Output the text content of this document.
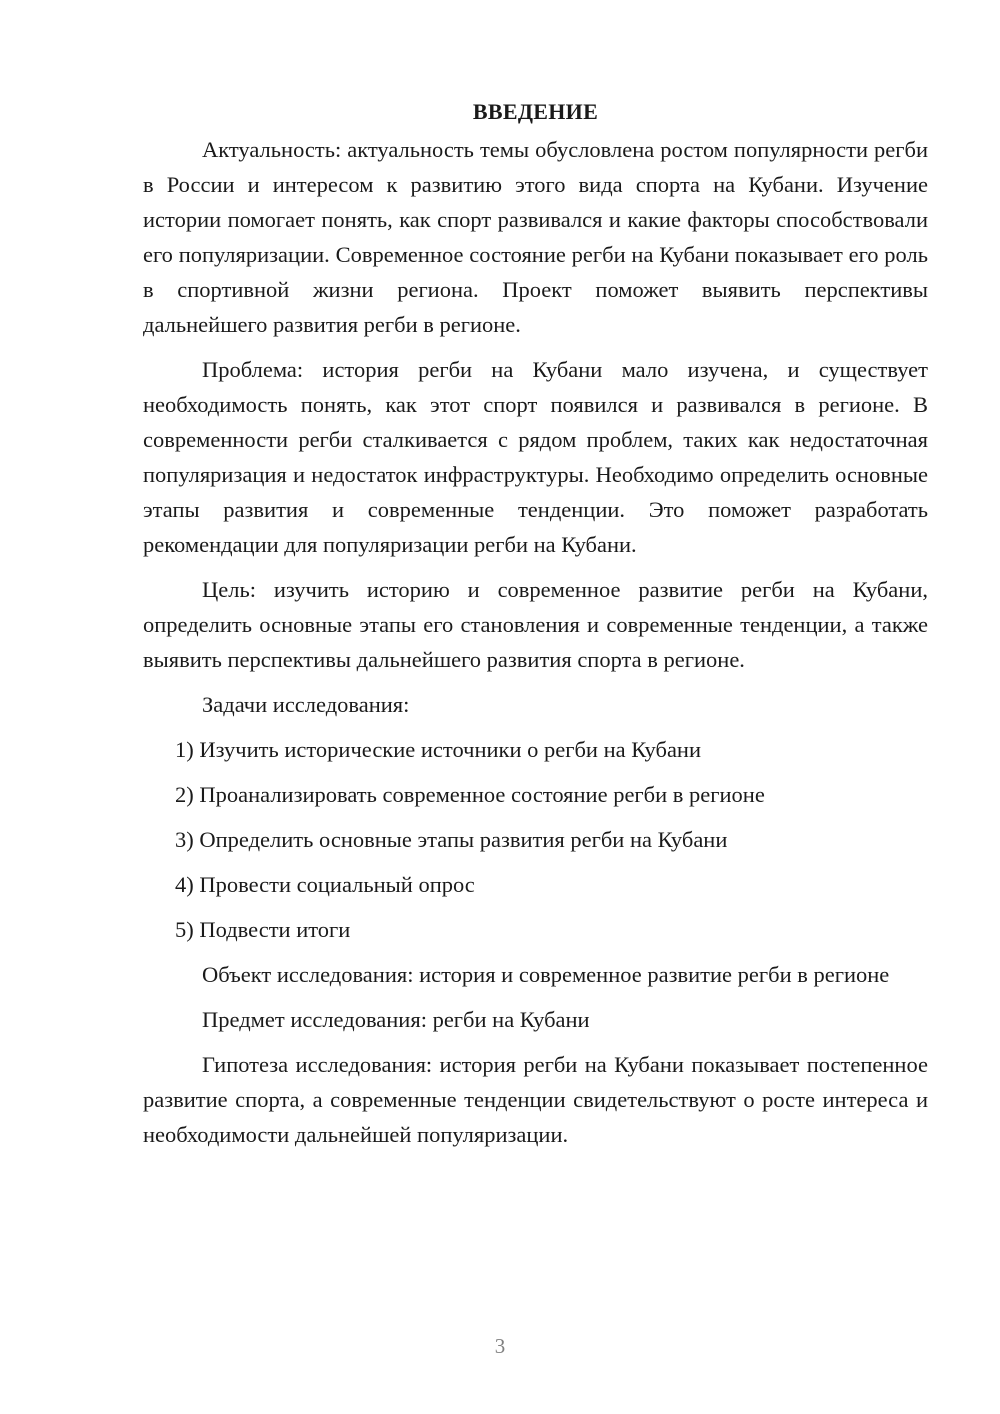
ВВЕДЕНИЕ

Актуальность: актуальность темы обусловлена ростом популярности регби в России и интересом к развитию этого вида спорта на Кубани. Изучение истории помогает понять, как спорт развивался и какие факторы способствовали его популяризации. Современное состояние регби на Кубани показывает его роль в спортивной жизни региона. Проект поможет выявить перспективы дальнейшего развития регби в регионе.

Проблема: история регби на Кубани мало изучена, и существует необходимость понять, как этот спорт появился и развивался в регионе. В современности регби сталкивается с рядом проблем, таких как недостаточная популяризация и недостаток инфраструктуры. Необходимо определить основные этапы развития и современные тенденции. Это поможет разработать рекомендации для популяризации регби на Кубани.

Цель: изучить историю и современное развитие регби на Кубани, определить основные этапы его становления и современные тенденции, а также выявить перспективы дальнейшего развития спорта в регионе.

Задачи исследования:

1) Изучить исторические источники о регби на Кубани
2) Проанализировать современное состояние регби в регионе
3) Определить основные этапы развития регби на Кубани
4) Провести социальный опрос
5) Подвести итоги

Объект исследования: история и современное развитие регби в регионе

Предмет исследования: регби на Кубани

Гипотеза исследования: история регби на Кубани показывает постепенное развитие спорта, а современные тенденции свидетельствуют о росте интереса и необходимости дальнейшей популяризации.

3
